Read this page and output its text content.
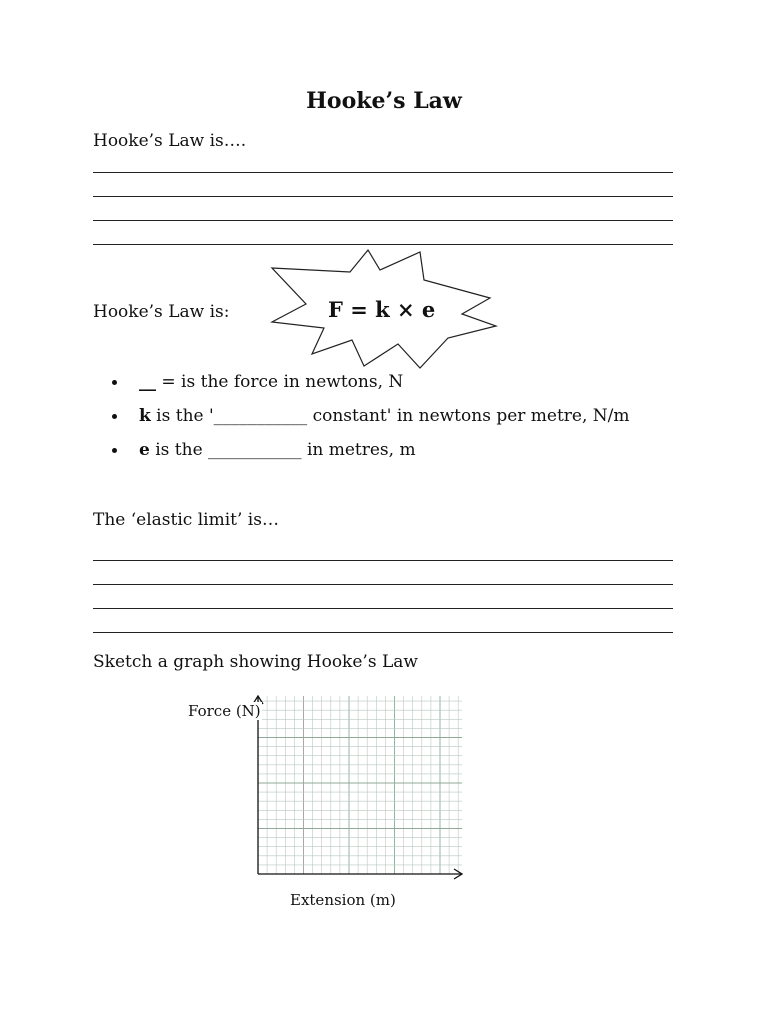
Hooke’s Law
Hooke’s Law is….
Hooke’s Law is:	F = k × e
__ = is the force in newtons, N
k is the '___________ constant' in newtons per metre, N/m
e is the ___________ in metres, m
The ‘elastic limit’ is…
Sketch a graph showing Hooke’s Law
Force (N)
Extension (m)
